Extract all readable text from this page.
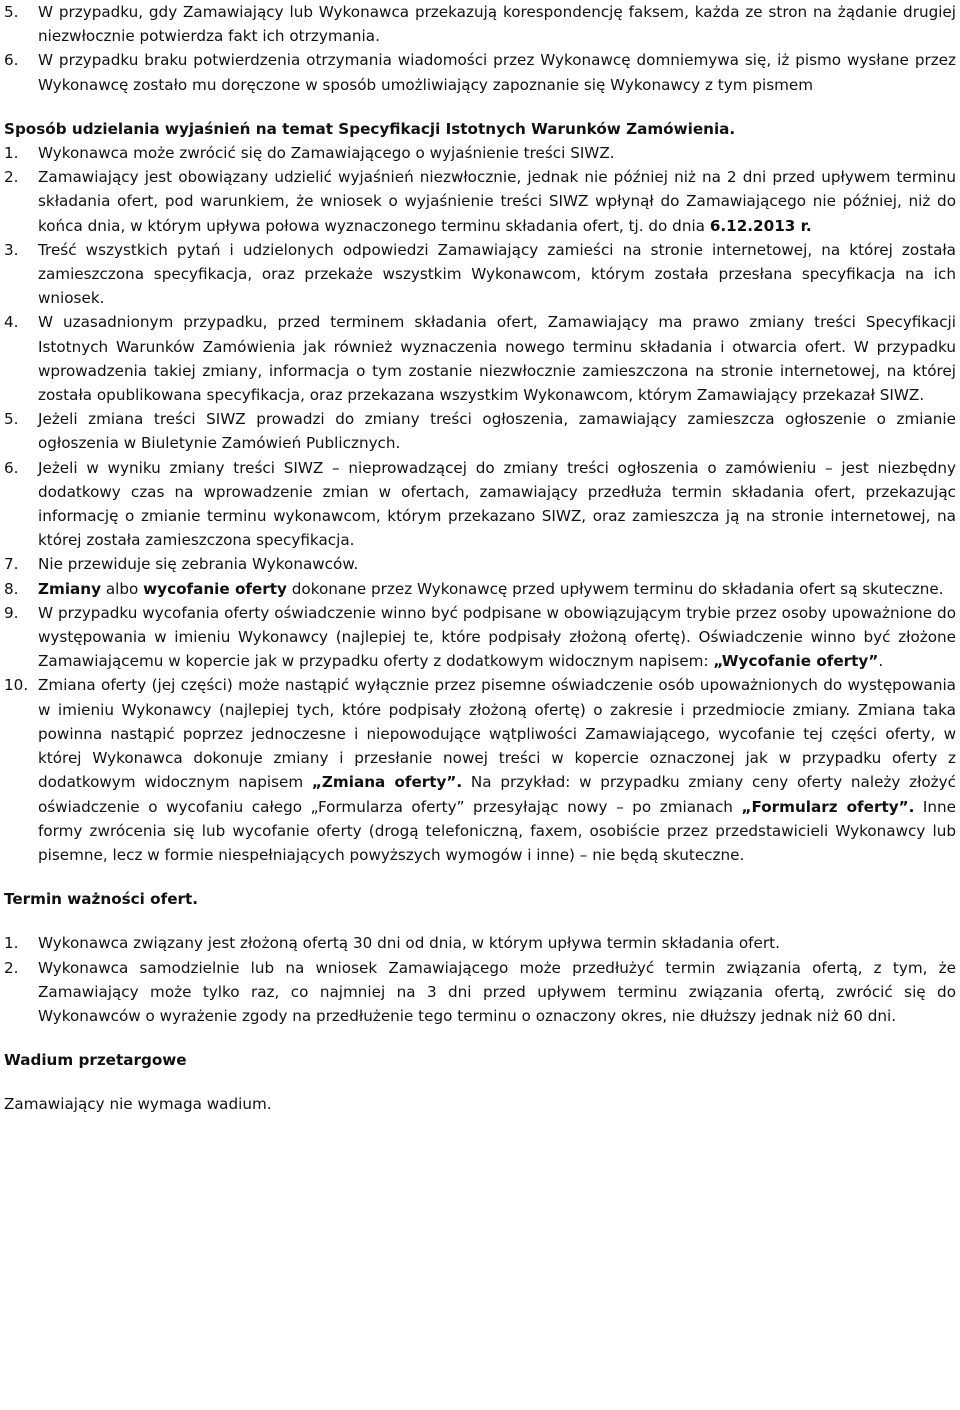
5.	W przypadku, gdy Zamawiający lub Wykonawca przekazują korespondencję faksem, każda ze stron na żądanie drugiej niezwłocznie potwierdza fakt ich otrzymania.
6.	W przypadku braku potwierdzenia otrzymania wiadomości przez Wykonawcę domniemywa się, iż pismo wysłane przez Wykonawcę zostało mu doręczone w sposób umożliwiający zapoznanie się Wykonawcy z tym pismem
Sposób udzielania wyjaśnień na temat Specyfikacji Istotnych Warunków Zamówienia.
1.	Wykonawca może zwrócić się do Zamawiającego o wyjaśnienie treści SIWZ.
2.	Zamawiający jest obowiązany udzielić wyjaśnień niezwłocznie, jednak nie później niż na 2 dni przed upływem terminu składania ofert, pod warunkiem, że wniosek o wyjaśnienie treści SIWZ wpłynął do Zamawiającego nie później, niż do końca dnia, w którym upływa połowa wyznaczonego terminu składania ofert, tj. do dnia 6.12.2013 r.
3.	Treść wszystkich pytań i udzielonych odpowiedzi Zamawiający zamieści na stronie internetowej, na której została zamieszczona specyfikacja, oraz przekaże wszystkim Wykonawcom, którym została przesłana specyfikacja na ich wniosek.
4.	W uzasadnionym przypadku, przed terminem składania ofert, Zamawiający ma prawo zmiany treści Specyfikacji Istotnych Warunków Zamówienia jak również wyznaczenia nowego terminu składania i otwarcia ofert. W przypadku wprowadzenia takiej zmiany, informacja o tym zostanie niezwłocznie zamieszczona na stronie internetowej, na której została opublikowana specyfikacja, oraz przekazana wszystkim Wykonawcom, którym Zamawiający przekazał SIWZ.
5.	Jeżeli zmiana treści SIWZ prowadzi do zmiany treści ogłoszenia, zamawiający zamieszcza ogłoszenie o zmianie ogłoszenia w Biuletynie Zamówień Publicznych.
6.	Jeżeli w wyniku zmiany treści SIWZ – nieprowadzącej do zmiany treści ogłoszenia o zamówieniu – jest niezbędny dodatkowy czas na wprowadzenie zmian w ofertach, zamawiający przedłuża termin składania ofert, przekazując informację o zmianie terminu wykonawcom, którym przekazano SIWZ, oraz zamieszcza ją na stronie internetowej, na której została zamieszczona specyfikacja.
7.	Nie przewiduje się zebrania Wykonawców.
8.	Zmiany albo wycofanie oferty dokonane przez Wykonawcę przed upływem terminu do składania ofert są skuteczne.
9.	W przypadku wycofania oferty oświadczenie winno być podpisane w obowiązującym trybie przez osoby upoważnione do występowania w imieniu Wykonawcy (najlepiej te, które podpisały złożoną ofertę). Oświadczenie winno być złożone Zamawiającemu w kopercie jak w przypadku oferty z dodatkowym widocznym napisem: „Wycofanie oferty”.
10. Zmiana oferty (jej części) może nastąpić wyłącznie przez pisemne oświadczenie osób upoważnionych do występowania w imieniu Wykonawcy (najlepiej tych, które podpisały złożoną ofertę) o zakresie i przedmiocie zmiany. Zmiana taka powinna nastąpić poprzez jednoczesne i niepowodujące wątpliwości Zamawiającego, wycofanie tej części oferty, w której Wykonawca dokonuje zmiany i przesłanie nowej treści w kopercie oznaczonej jak w przypadku oferty z dodatkowym widocznym napisem „Zmiana oferty”. Na przykład: w przypadku zmiany ceny oferty należy złożyć oświadczenie o wycofaniu całego „Formularza oferty” przesyłając nowy – po zmianach „Formularz oferty”. Inne formy zwrócenia się lub wycofanie oferty (drogą telefoniczną, faxem, osobiście przez przedstawicieli Wykonawcy lub pisemne, lecz w formie niespełniających powyższych wymogów i inne) – nie będą skuteczne.
Termin ważności ofert.
1.	Wykonawca związany jest złożoną ofertą 30 dni od dnia, w którym upływa termin składania ofert.
2.	Wykonawca samodzielnie lub na wniosek Zamawiającego może przedłużyć termin związania ofertą, z tym, że Zamawiający może tylko raz, co najmniej na 3 dni przed upływem terminu związania ofertą, zwrócić się do Wykonawców o wyrażenie zgody na przedłużenie tego terminu o oznaczony okres, nie dłuższy jednak niż 60 dni.
Wadium przetargowe
Zamawiający nie wymaga wadium.
